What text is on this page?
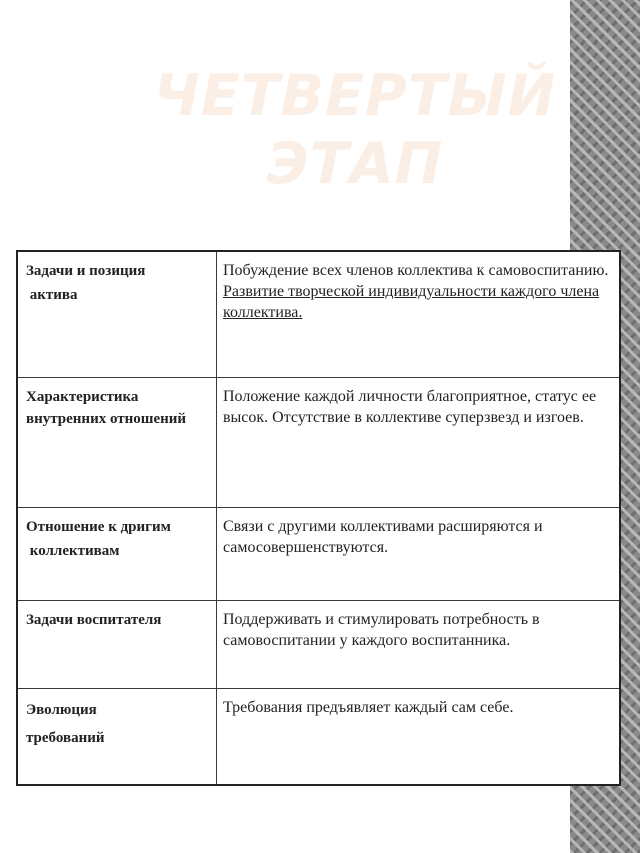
ЧЕТВЕРТЫЙ ЭТАП
Задачи и позиция
актива	Побуждение всех членов коллектива к самовоспитанию. Развитие творческой индивидуальности каждого члена коллектива.

Характеристика
внутренних отношений	Положение каждой личности благоприятное, статус ее высок. Отсутствие в коллективе суперзвезд и изгоев.

Отношение к дригим
коллективам	Связи с другими коллективами расширяются и самосовершенствуются.

Задачи воспитателя	Поддерживать и стимулировать потребность в самовоспитании у каждого воспитанника.

Эволюция
требований	Требования предъявляет каждый сам себе.
